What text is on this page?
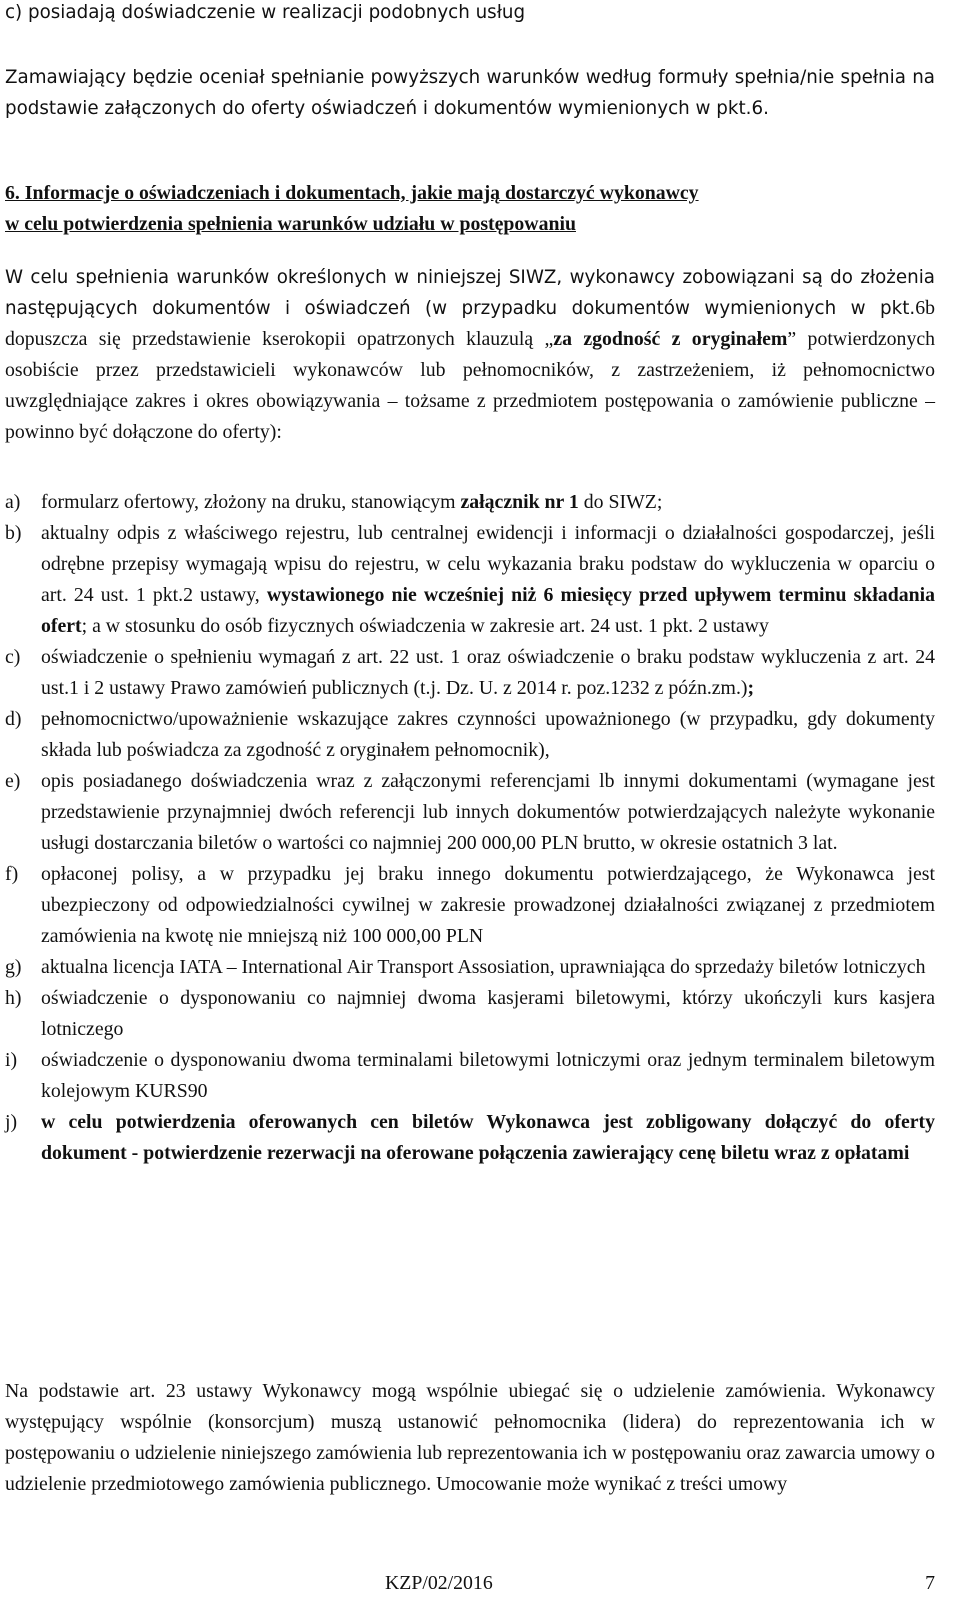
c) posiadają doświadczenie w realizacji podobnych usług

Zamawiający będzie oceniał spełnianie powyższych warunków według formuły spełnia/nie spełnia na podstawie załączonych do oferty oświadczeń i dokumentów wymienionych w pkt.6.

6. Informacje o oświadczeniach i dokumentach, jakie mają dostarczyć wykonawcy
w celu potwierdzenia spełnienia warunków udziału w postępowaniu

W celu spełnienia warunków określonych w niniejszej SIWZ, wykonawcy zobowiązani są do złożenia następujących dokumentów i oświadczeń (w przypadku dokumentów wymienionych w pkt.6b dopuszcza się przedstawienie kserokopii opatrzonych klauzulą „za zgodność z oryginałem” potwierdzonych osobiście przez przedstawicieli wykonawców lub pełnomocników, z zastrzeżeniem, iż pełnomocnictwo uwzględniające zakres i okres obowiązywania – tożsame z przedmiotem postępowania o zamówienie publiczne – powinno być dołączone do oferty):

a)	formularz ofertowy, złożony na druku, stanowiącym załącznik nr 1 do SIWZ;
b) aktualny odpis z właściwego rejestru, lub centralnej ewidencji i informacji o działalności gospodarczej, jeśli odrębne przepisy wymagają wpisu do rejestru, w celu wykazania braku podstaw do wykluczenia w oparciu o art. 24 ust. 1 pkt.2 ustawy, wystawionego nie wcześniej niż 6 miesięcy przed upływem terminu składania ofert; a w stosunku do osób fizycznych oświadczenia w zakresie art. 24 ust. 1 pkt. 2 ustawy
c)	oświadczenie o spełnieniu wymagań z art. 22 ust. 1 oraz oświadczenie o braku podstaw wykluczenia z art. 24 ust.1 i 2 ustawy Prawo zamówień publicznych (t.j. Dz. U. z 2014 r. poz.1232 z późn.zm.);
d) pełnomocnictwo/upoważnienie wskazujące zakres czynności upoważnionego (w przypadku, gdy dokumenty składa lub poświadcza za zgodność z oryginałem pełnomocnik),
e)	opis posiadanego doświadczenia wraz z załączonymi referencjami lb innymi dokumentami (wymagane jest przedstawienie przynajmniej dwóch referencji lub innych dokumentów potwierdzających należyte wykonanie usługi dostarczania biletów o wartości co najmniej 200 000,00 PLN brutto, w okresie ostatnich 3 lat.
f)	opłaconej polisy, a w przypadku jej braku innego dokumentu potwierdzającego, że Wykonawca jest ubezpieczony od odpowiedzialności cywilnej w zakresie prowadzonej działalności związanej z przedmiotem zamówienia na kwotę nie mniejszą niż 100 000,00 PLN
g) aktualna licencja IATA – International Air Transport Assosiation, uprawniająca do sprzedaży biletów lotniczych
h) oświadczenie o dysponowaniu co najmniej dwoma kasjerami biletowymi, którzy ukończyli kurs kasjera lotniczego
i)	oświadczenie o dysponowaniu dwoma terminalami biletowymi lotniczymi oraz jednym terminalem biletowym kolejowym KURS90
j)	w celu potwierdzenia oferowanych cen biletów Wykonawca jest zobligowany dołączyć do oferty dokument - potwierdzenie rezerwacji na oferowane połączenia zawierający cenę biletu wraz z opłatami

Na podstawie art. 23 ustawy Wykonawcy mogą wspólnie ubiegać się o udzielenie zamówienia. Wykonawcy występujący wspólnie (konsorcjum) muszą ustanowić pełnomocnika (lidera) do reprezentowania ich w postępowaniu o udzielenie niniejszego zamówienia lub reprezentowania ich w postępowaniu oraz zawarcia umowy o udzielenie przedmiotowego zamówienia publicznego. Umocowanie może wynikać z treści umowy

KZP/02/2016	7
